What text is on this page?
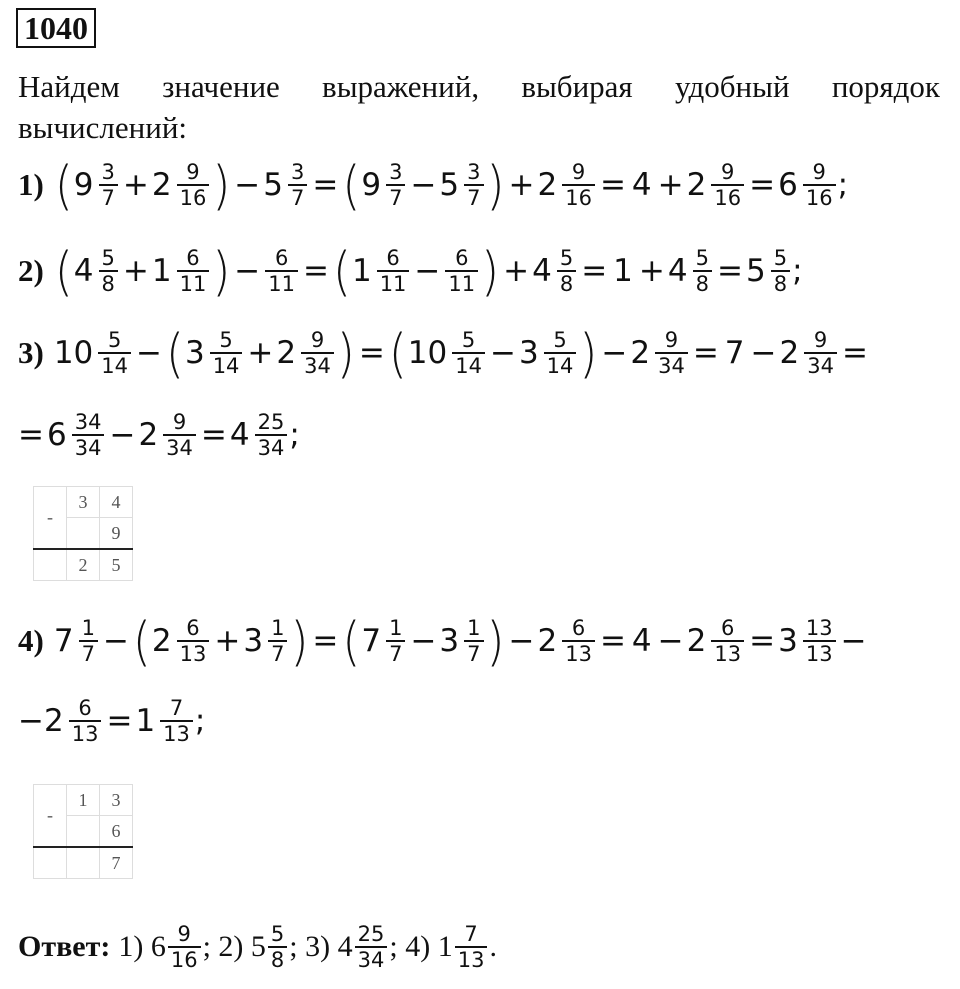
1040
Найдем значение выражений, выбирая удобный порядок вычислений:
1) ( $9 \frac{3}{7} + 2 \frac{9}{16}$ ) − $5 \frac{3}{7}$ = ( $9 \frac{3}{7} - 5 \frac{3}{7}$ ) + $2 \frac{9}{16} = 4 + 2 \frac{9}{16} = 6 \frac{9}{16}$ ;
2) ( $4 \frac{5}{8} + 1 \frac{6}{11}$ ) − $\frac{6}{11}$ = ( $1 \frac{6}{11} - \frac{6}{11}$ ) + $4 \frac{5}{8} = 1 + 4 \frac{5}{8} = 5 \frac{5}{8}$ ;
3) $10 \frac{5}{14}$ − ( $3 \frac{5}{14} + 2 \frac{9}{34}$ ) = ( $10 \frac{5}{14} - 3 \frac{5}{14}$ ) − $2 \frac{9}{34} = 7 - 2 \frac{9}{34}$ =
= $6 \frac{34}{34} - 2 \frac{9}{34} = 4 \frac{25}{34}$ ;
-	3	4
		9
	2	5
4) $7 \frac{1}{7}$ − ( $2 \frac{6}{13} + 3 \frac{1}{7}$ ) = ( $7 \frac{1}{7} - 3 \frac{1}{7}$ ) − $2 \frac{6}{13} = 4 - 2 \frac{6}{13} = 3 \frac{13}{13}$ −
− $2 \frac{6}{13} = 1 \frac{7}{13}$ ;
-	1	3
		6
		7
Ответ: 1)
$6 \frac{9}{16}$ ;
2)
$5 \frac{5}{8}$ ;
3)
$4 \frac{25}{34}$ ;
4)
$1 \frac{7}{13}$ .
